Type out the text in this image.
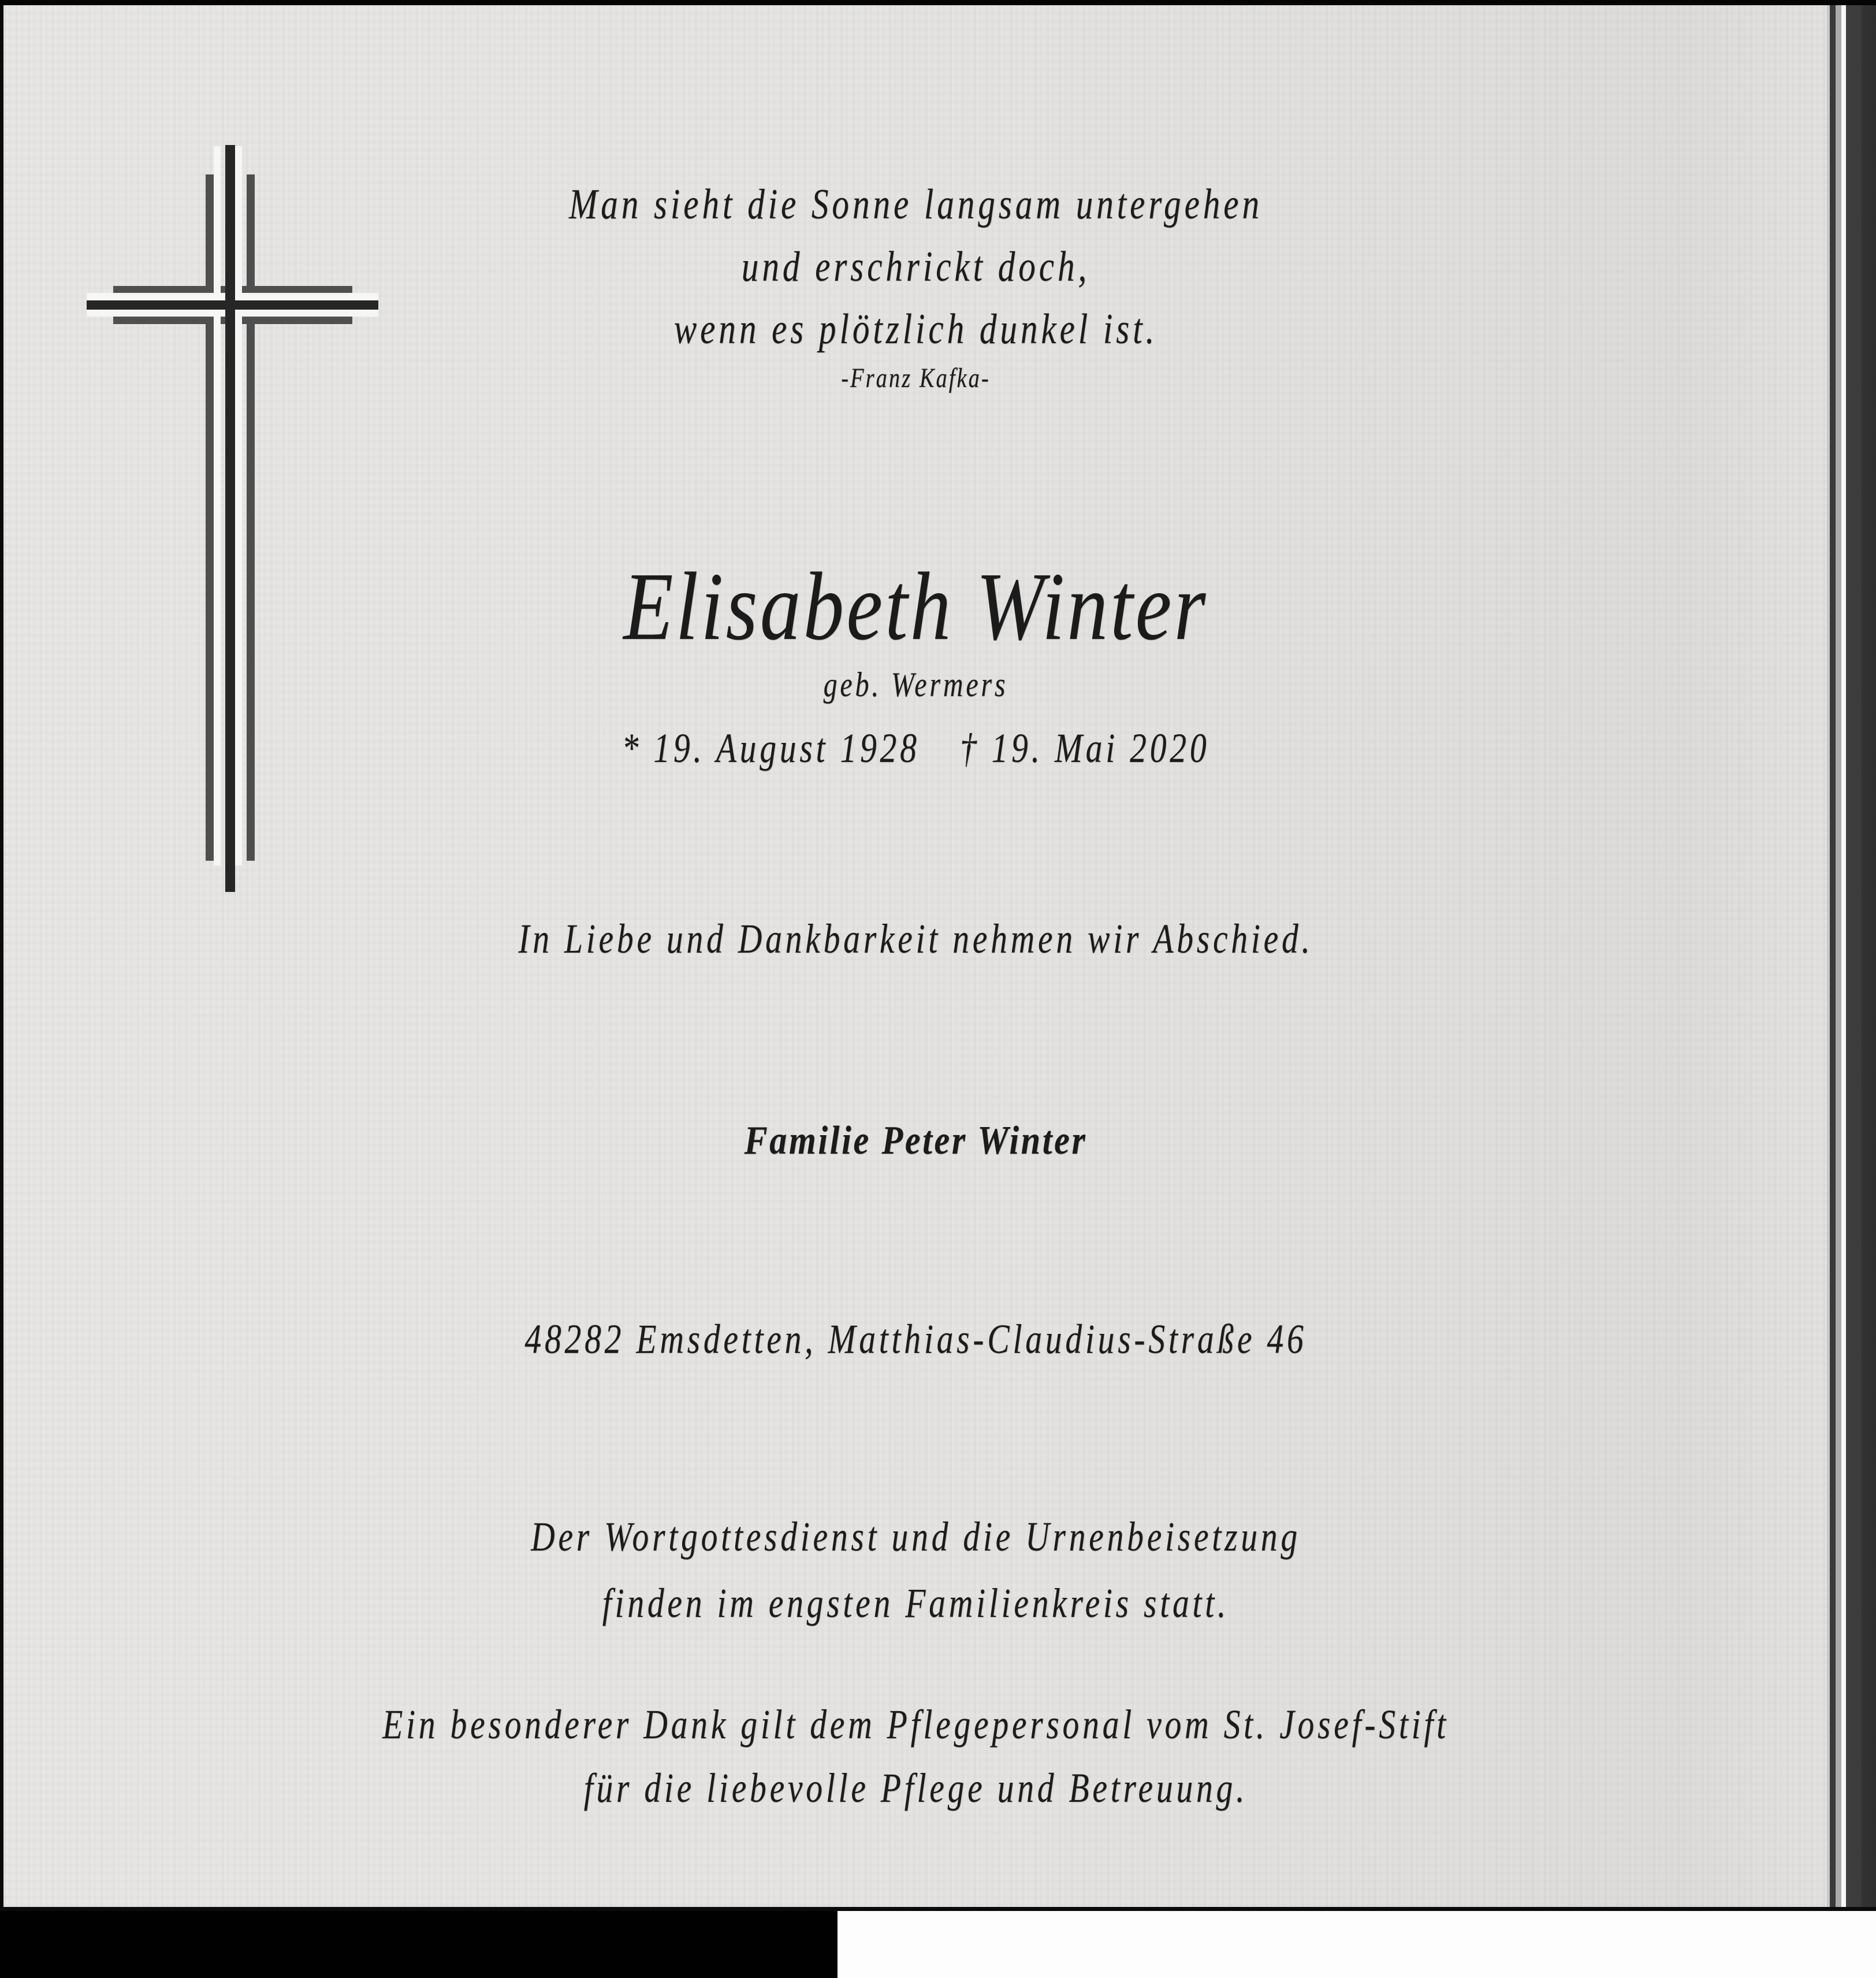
Man sieht die Sonne langsam untergehen

und erschrickt doch,

wenn es plötzlich dunkel ist.

-Franz Kafka-

Elisabeth Winter

geb. Wermers

* 19. August 1928  † 19. Mai 2020

In Liebe und Dankbarkeit nehmen wir Abschied.

Familie Peter Winter

48282 Emsdetten, Matthias-Claudius-Straße 46

Der Wortgottesdienst und die Urnenbeisetzung

finden im engsten Familienkreis statt.

Ein besonderer Dank gilt dem Pflegepersonal vom St. Josef-Stift

für die liebevolle Pflege und Betreuung.
